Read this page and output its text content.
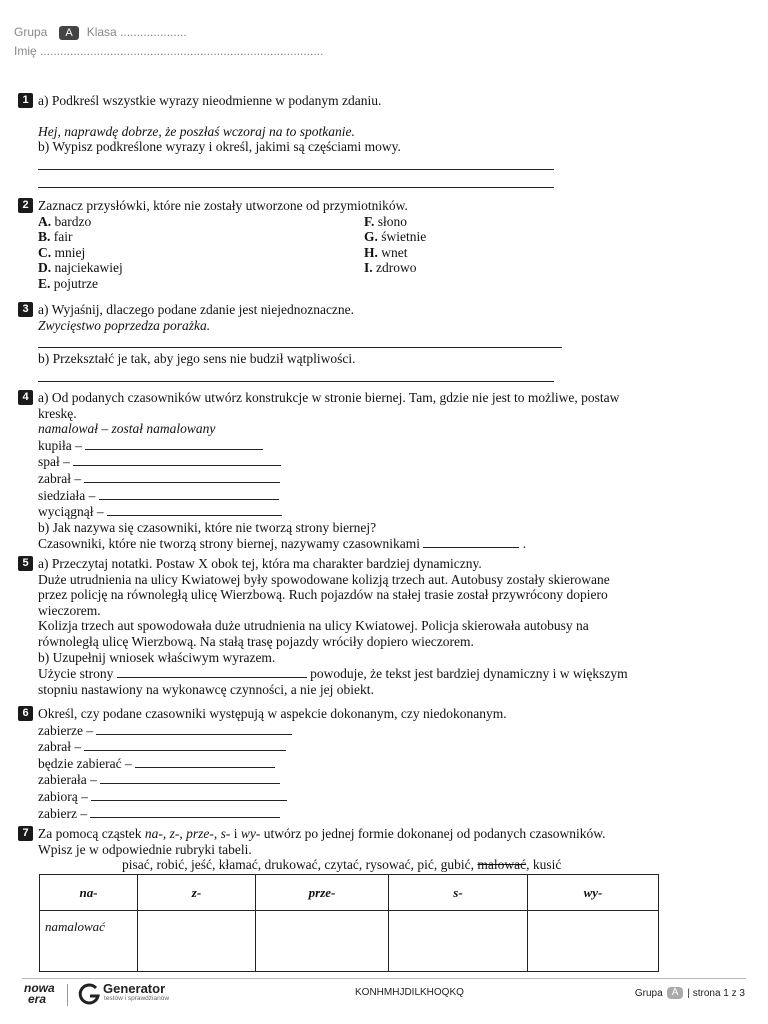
Grupa A Klasa ....................
Imię .....................................................................................
1 a) Podkreśl wszystkie wyrazy nieodmienne w podanym zdaniu.
Hej, naprawdę dobrze, że poszłaś wczoraj na to spotkanie.
b) Wypisz podkreślone wyrazy i określ, jakimi są częściami mowy.
2 Zaznacz przysłówki, które nie zostały utworzone od przymiotników.
A. bardzo
B. fair
C. mniej
D. najciekawiej
E. pojutrze
F. słono
G. świetnie
H. wnet
I. zdrowo
3 a) Wyjaśnij, dlaczego podane zdanie jest niejednoznaczne.
Zwycięstwo poprzedza porażka.
b) Przekształć je tak, aby jego sens nie budził wątpliwości.
4 a) Od podanych czasowników utwórz konstrukcje w stronie biernej. Tam, gdzie nie jest to możliwe, postaw
kreskę.
namalował – został namalowany
kupiła –
spał –
zabrał –
siedziała –
wyciągnął –
b) Jak nazywa się czasowniki, które nie tworzą strony biernej?
Czasowniki, które nie tworzą strony biernej, nazywamy czasownikami	.
5 a) Przeczytaj notatki. Postaw X obok tej, która ma charakter bardziej dynamiczny.
Duże utrudnienia na ulicy Kwiatowej były spowodowane kolizją trzech aut. Autobusy zostały skierowane
przez policję na równoległą ulicę Wierzbową. Ruch pojazdów na stałej trasie został przywrócony dopiero
wieczorem.
Kolizja trzech aut spowodowała duże utrudnienia na ulicy Kwiatowej. Policja skierowała autobusy na
równoległą ulicę Wierzbową. Na stałą trasę pojazdy wróciły dopiero wieczorem.
b) Uzupełnij wniosek właściwym wyrazem.
Użycie strony	powoduje, że tekst jest bardziej dynamiczny i w większym
stopniu nastawiony na wykonawcę czynności, a nie jej obiekt.
6 Określ, czy podane czasowniki występują w aspekcie dokonanym, czy niedokonanym.
zabierze –
zabrał –
będzie zabierać –
zabierała –
zabiorą –
zabierz –
7 Za pomocą cząstek na-, z-, prze-, s- i wy- utwórz po jednej formie dokonanej od podanych czasowników.
Wpisz je w odpowiednie rubryki tabeli.
pisać, robić, jeść, kłamać, drukować, czytać, rysować, pić, gubić, malować, kusić
na-	z-	prze-	s-	wy-
namalować				
nowa
era
Generator
testów i sprawdzianów
KONHMHJDILKHOQKQ	Grupa A | strona 1 z 3
